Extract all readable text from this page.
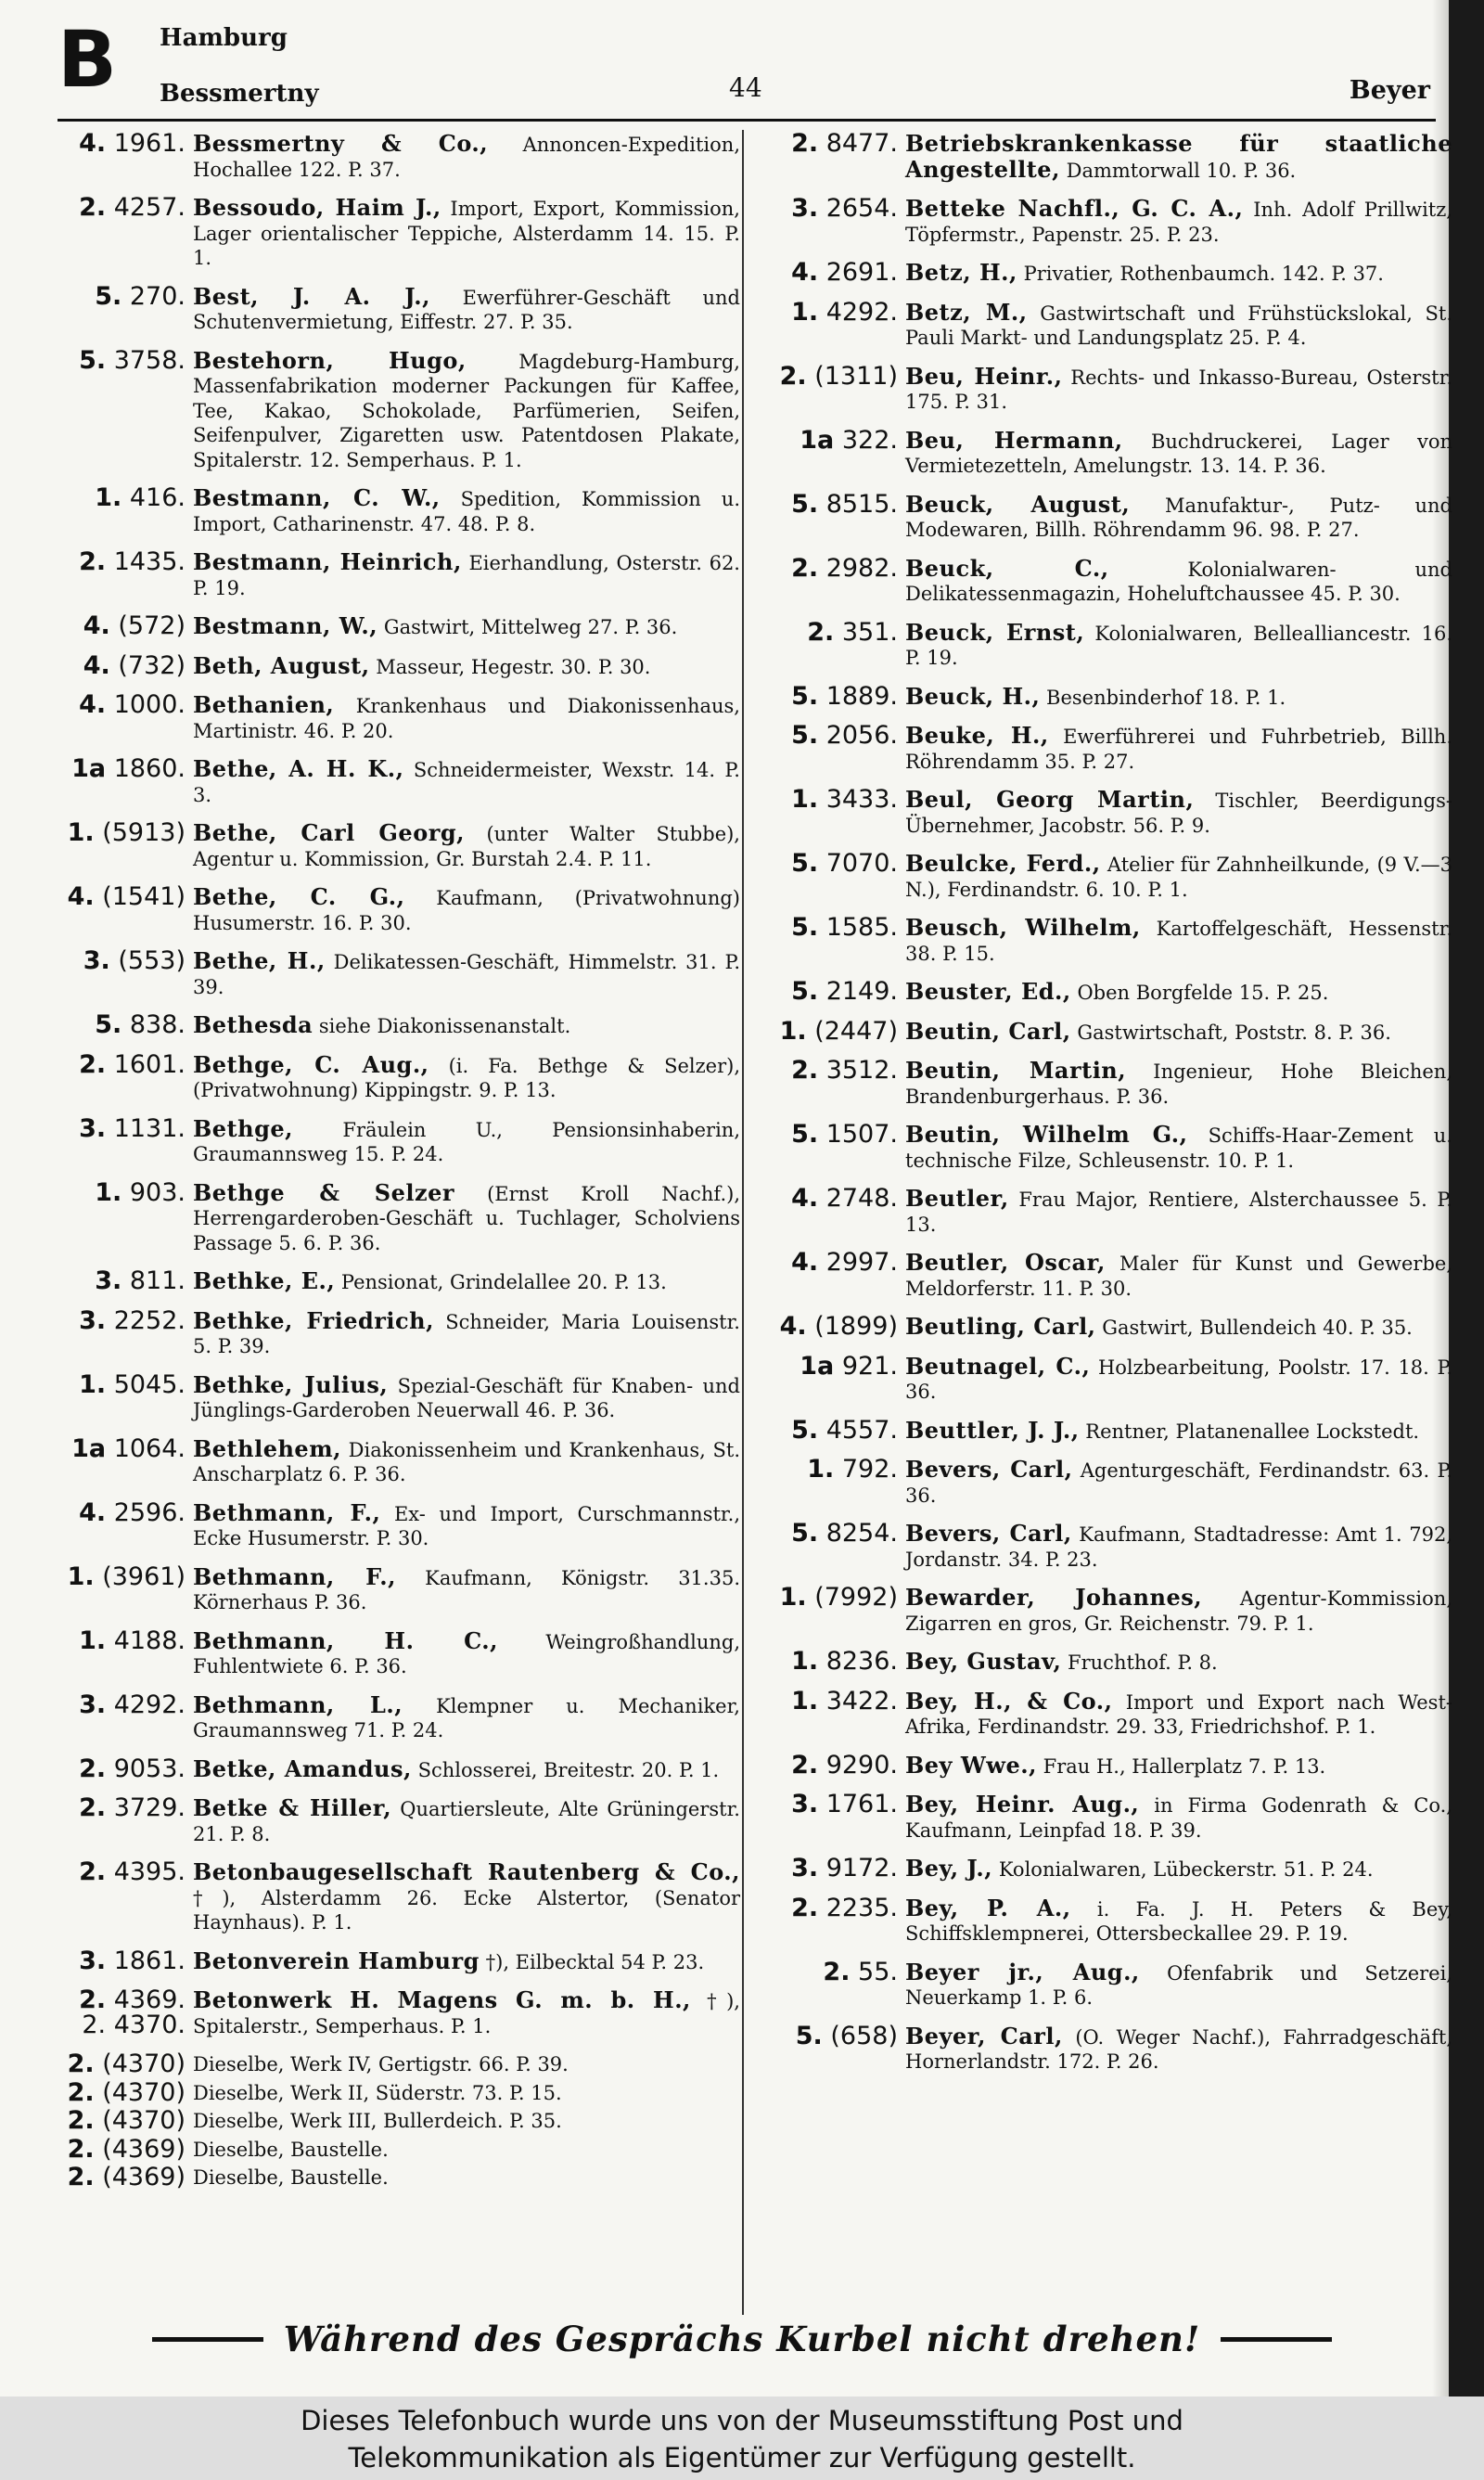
B Hamburg
Bessmertny	44	Beyer
4. 1961. Bessmertny & Co., Annoncen-Expedition, Hochallee 122. P. 37.
2. 4257. Bessoudo, Haim J., Import, Export, Kommission, Lager orientalischer Teppiche, Alsterdamm 14. 15. P. 1.
5. 270. Best, J. A. J., Ewerführer-Geschäft und Schutenvermietung, Eiffestr. 27. P. 35.
5. 3758. Bestehorn, Hugo,	Magdeburg-Hamburg, Massenfabrikation moderner Packungen für Kaffee, Tee, Kakao, Schokolade, Parfümerien, Seifen, Seifenpulver, Zigaretten usw. Patentdosen Plakate, Spitalerstr. 12. Semperhaus. P. 1.
1. 416. Bestmann, C. W., Spedition, Kommission u. Import, Catharinenstr. 47. 48. P. 8.
2. 1435. Bestmann, Heinrich, Eierhandlung, Osterstr. 62. P. 19.
4. (572) Bestmann, W., Gastwirt, Mittelweg 27. P. 36.
4. (732) Beth, August, Masseur, Hegestr. 30. P. 30.
4. 1000. Bethanien, Krankenhaus und Diakonissenhaus, Martinistr. 46. P. 20.
1a 1860. Bethe, A. H. K., Schneidermeister, Wexstr. 14. P. 3.
1. (5913) Bethe, Carl Georg, (unter Walter Stubbe), Agentur u. Kommission, Gr. Burstah 2.4. P. 11.
4. (1541) Bethe, C. G., Kaufmann, (Privatwohnung) Husumerstr. 16. P. 30.
3. (553) Bethe, H., Delikatessen-Geschäft, Himmelstr. 31. P. 39.
5. 838. Bethesda siehe Diakonissenanstalt.
2. 1601. Bethge, C. Aug., (i. Fa. Bethge & Selzer), (Privatwohnung) Kippingstr. 9. P. 13.
3. 1131. Bethge,	Fräulein U., Pensionsinhaberin, Graumannsweg 15. P. 24.
1. 903. Bethge & Selzer (Ernst Kroll Nachf.), Herrengarderoben-Geschäft u. Tuchlager, Scholviens Passage 5. 6. P. 36.
3. 811. Bethke, E., Pensionat, Grindelallee 20. P. 13.
3. 2252. Bethke, Friedrich, Schneider, Maria Louisenstr. 5. P. 39.
1. 5045. Bethke, Julius, Spezial-Geschäft für Knaben- und Jünglings-Garderoben Neuerwall 46. P. 36.
1a 1064. Bethlehem, Diakonissenheim und Krankenhaus, St. Anscharplatz 6. P. 36.
4. 2596. Bethmann, F., Ex- und Import, Curschmannstr., Ecke Husumerstr. P. 30.
1. (3961) Bethmann, F., Kaufmann, Königstr. 31.35. Körnerhaus P. 36.
1. 4188. Bethmann, H. C., Weingroßhandlung, Fuhlentwiete 6. P. 36.
3. 4292. Bethmann, L., Klempner u. Mechaniker, Graumannsweg 71. P. 24.
2. 9053. Betke, Amandus, Schlosserei, Breitestr. 20. P. 1.
2. 3729. Betke & Hiller, Quartiersleute, Alte Grüningerstr. 21. P. 8.
2. 4395. Betonbaugesellschaft Rautenberg & Co., †), Alsterdamm 26. Ecke Alstertor, (Senator Haynhaus). P. 1.
3. 1861. Betonverein Hamburg †), Eilbecktal 54 P. 23.
2. 4369.
2. 4370.
Betonwerk H. Magens G. m. b. H., †), Spitalerstr., Semperhaus. P. 1.
2. (4370) Dieselbe, Werk IV, Gertigstr. 66. P. 39.
2. (4370) Dieselbe, Werk II, Süderstr. 73. P. 15.
2. (4370) Dieselbe, Werk III, Bullerdeich. P. 35.
2. (4369) Dieselbe, Baustelle.
2. (4369) Dieselbe, Baustelle.
2. 8477. Betriebskrankenkasse für staatliche Angestellte, Dammtorwall 10. P. 36.
3. 2654. Betteke Nachfl., G. C. A., Inh. Adolf Prillwitz, Töpfermstr., Papenstr. 25. P. 23.
4. 2691. Betz, H., Privatier, Rothenbaumch. 142. P. 37.
1. 4292. Betz, M., Gastwirtschaft und Frühstückslokal, St. Pauli Markt- und Landungsplatz 25. P. 4.
2. (1311) Beu, Heinr., Rechts- und Inkasso-Bureau, Osterstr. 175. P. 31.
1a 322. Beu, Hermann, Buchdruckerei, Lager von Vermietezetteln, Amelungstr. 13. 14. P. 36.
5. 8515. Beuck, August, Manufaktur-, Putz- und Modewaren, Billh. Röhrendamm 96. 98. P. 27.
2. 2982. Beuck, C.,	Kolonialwaren- und Delikatessenmagazin, Hoheluftchaussee 45. P. 30.
2. 351. Beuck, Ernst, Kolonialwaren, Bellealliancestr. 16. P. 19.
5. 1889. Beuck, H., Besenbinderhof 18. P. 1.
5. 2056. Beuke, H., Ewerführerei und Fuhrbetrieb, Billh. Röhrendamm 35. P. 27.
1. 3433. Beul, Georg Martin, Tischler, Beerdigungs-Übernehmer, Jacobstr. 56. P. 9.
5. 7070. Beulcke, Ferd., Atelier für Zahnheilkunde, (9 V.—3 N.), Ferdinandstr. 6. 10. P. 1.
5. 1585. Beusch, Wilhelm, Kartoffelgeschäft, Hessenstr. 38. P. 15.
5. 2149. Beuster, Ed., Oben Borgfelde 15. P. 25.
1. (2447) Beutin, Carl, Gastwirtschaft, Poststr. 8. P. 36.
2. 3512. Beutin, Martin, Ingenieur, Hohe Bleichen, Brandenburgerhaus. P. 36.
5. 1507. Beutin, Wilhelm G., Schiffs-Haar-Zement u. technische Filze, Schleusenstr. 10. P. 1.
4. 2748. Beutler, Frau Major, Rentiere, Alsterchaussee 5. P. 13.
4. 2997. Beutler, Oscar, Maler für Kunst und Gewerbe, Meldorferstr. 11. P. 30.
4. (1899) Beutling, Carl, Gastwirt, Bullendeich 40. P. 35.
1a 921. Beutnagel, C., Holzbearbeitung, Poolstr. 17. 18. P. 36.
5. 4557. Beuttler, J. J., Rentner, Platanenallee Lockstedt.
1. 792. Bevers, Carl, Agenturgeschäft, Ferdinandstr. 63. P. 36.
5. 8254. Bevers, Carl, Kaufmann, Stadtadresse: Amt 1. 792, Jordanstr. 34. P. 23.
1. (7992) Bewarder, Johannes, Agentur-Kommission, Zigarren en gros, Gr. Reichenstr. 79. P. 1.
1. 8236. Bey, Gustav, Fruchthof. P. 8.
1. 3422. Bey, H., & Co., Import und Export nach West-Afrika, Ferdinandstr. 29. 33, Friedrichshof. P. 1.
2. 9290. Bey Wwe., Frau H., Hallerplatz 7. P. 13.
3. 1761. Bey, Heinr. Aug., in Firma Godenrath & Co., Kaufmann, Leinpfad 18. P. 39.
3. 9172. Bey, J., Kolonialwaren, Lübeckerstr. 51. P. 24.
2. 2235. Bey, P. A., i. Fa. J. H. Peters & Bey, Schiffsklempnerei, Ottersbeckallee 29. P. 19.
2. 55. Beyer jr., Aug., Ofenfabrik und Setzerei, Neuerkamp 1. P. 6.
5. (658) Beyer, Carl, (O. Weger Nachf.), Fahrradgeschäft, Hornerlandstr. 172. P. 26.
Während des Gesprächs Kurbel nicht drehen!
Dieses Telefonbuch wurde uns von der Museumsstiftung Post und
Telekommunikation als Eigentümer zur Verfügung gestellt.
